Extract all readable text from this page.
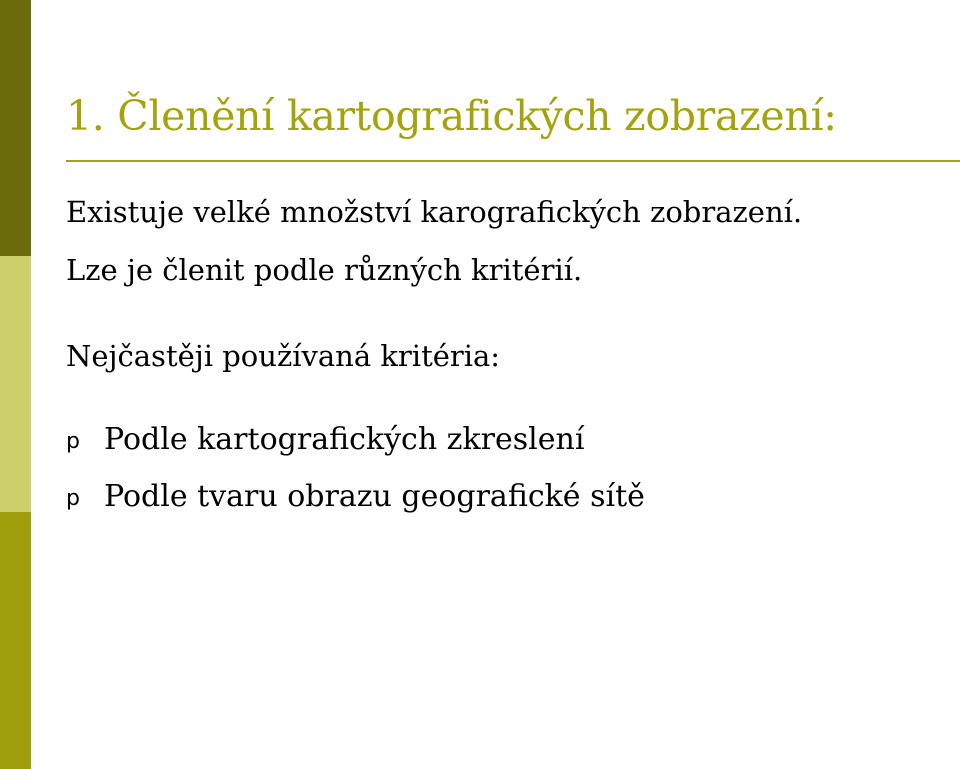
1. Členění kartografických zobrazení:

Existuje velké množství karografických zobrazení.

Lze je členit podle různých kritérií.

Nejčastěji používaná kritéria:

p Podle kartografických zkreslení
p Podle tvaru obrazu geografické sítě
